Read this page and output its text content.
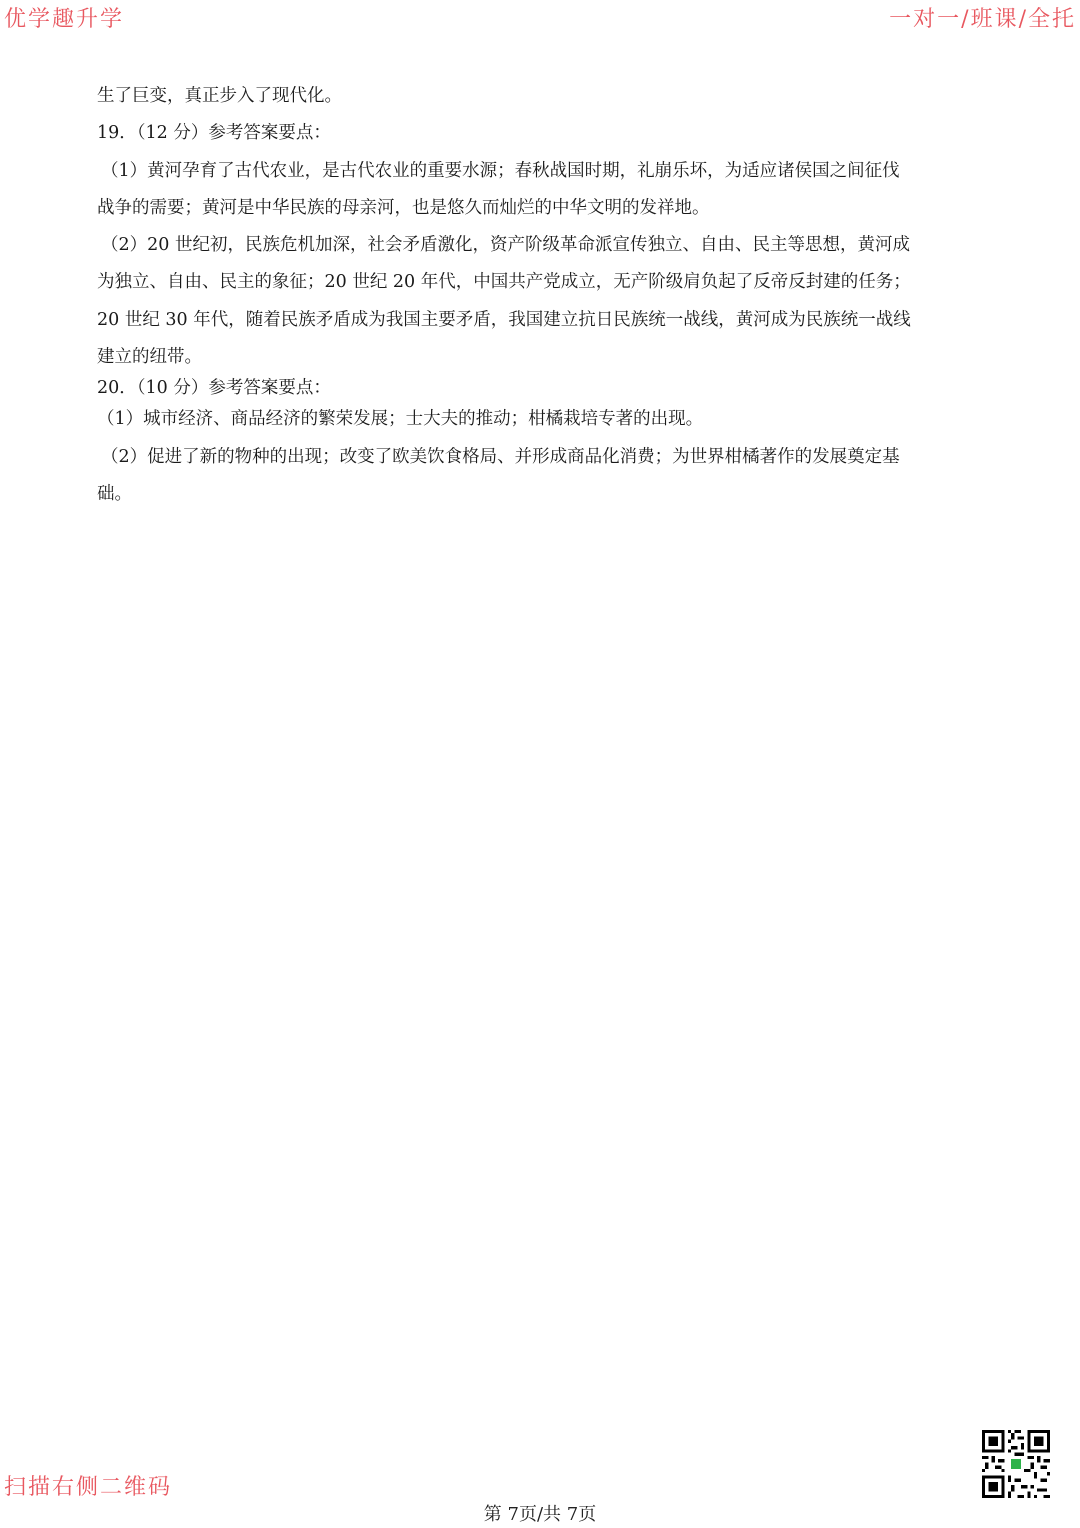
优学趣升学	一对一/班课/全托
生了巨变，真正步入了现代化。
19．（12 分）参考答案要点：
（1）黄河孕育了古代农业，是古代农业的重要水源；春秋战国时期，礼崩乐坏，为适应诸侯国之间征伐
战争的需要；黄河是中华民族的母亲河，也是悠久而灿烂的中华文明的发祥地。
（2）20 世纪初，民族危机加深，社会矛盾激化，资产阶级革命派宣传独立、自由、民主等思想，黄河成
为独立、自由、民主的象征；20 世纪 20 年代，中国共产党成立，无产阶级肩负起了反帝反封建的任务；
20 世纪 30 年代，随着民族矛盾成为我国主要矛盾，我国建立抗日民族统一战线，黄河成为民族统一战线
建立的纽带。
20．（10 分）参考答案要点：
（1）城市经济、商品经济的繁荣发展；士大夫的推动；柑橘栽培专著的出现。
（2）促进了新的物种的出现；改变了欧美饮食格局、并形成商品化消费；为世界柑橘著作的发展奠定基
础。
扫描右侧二维码
第 7页/共 7页
